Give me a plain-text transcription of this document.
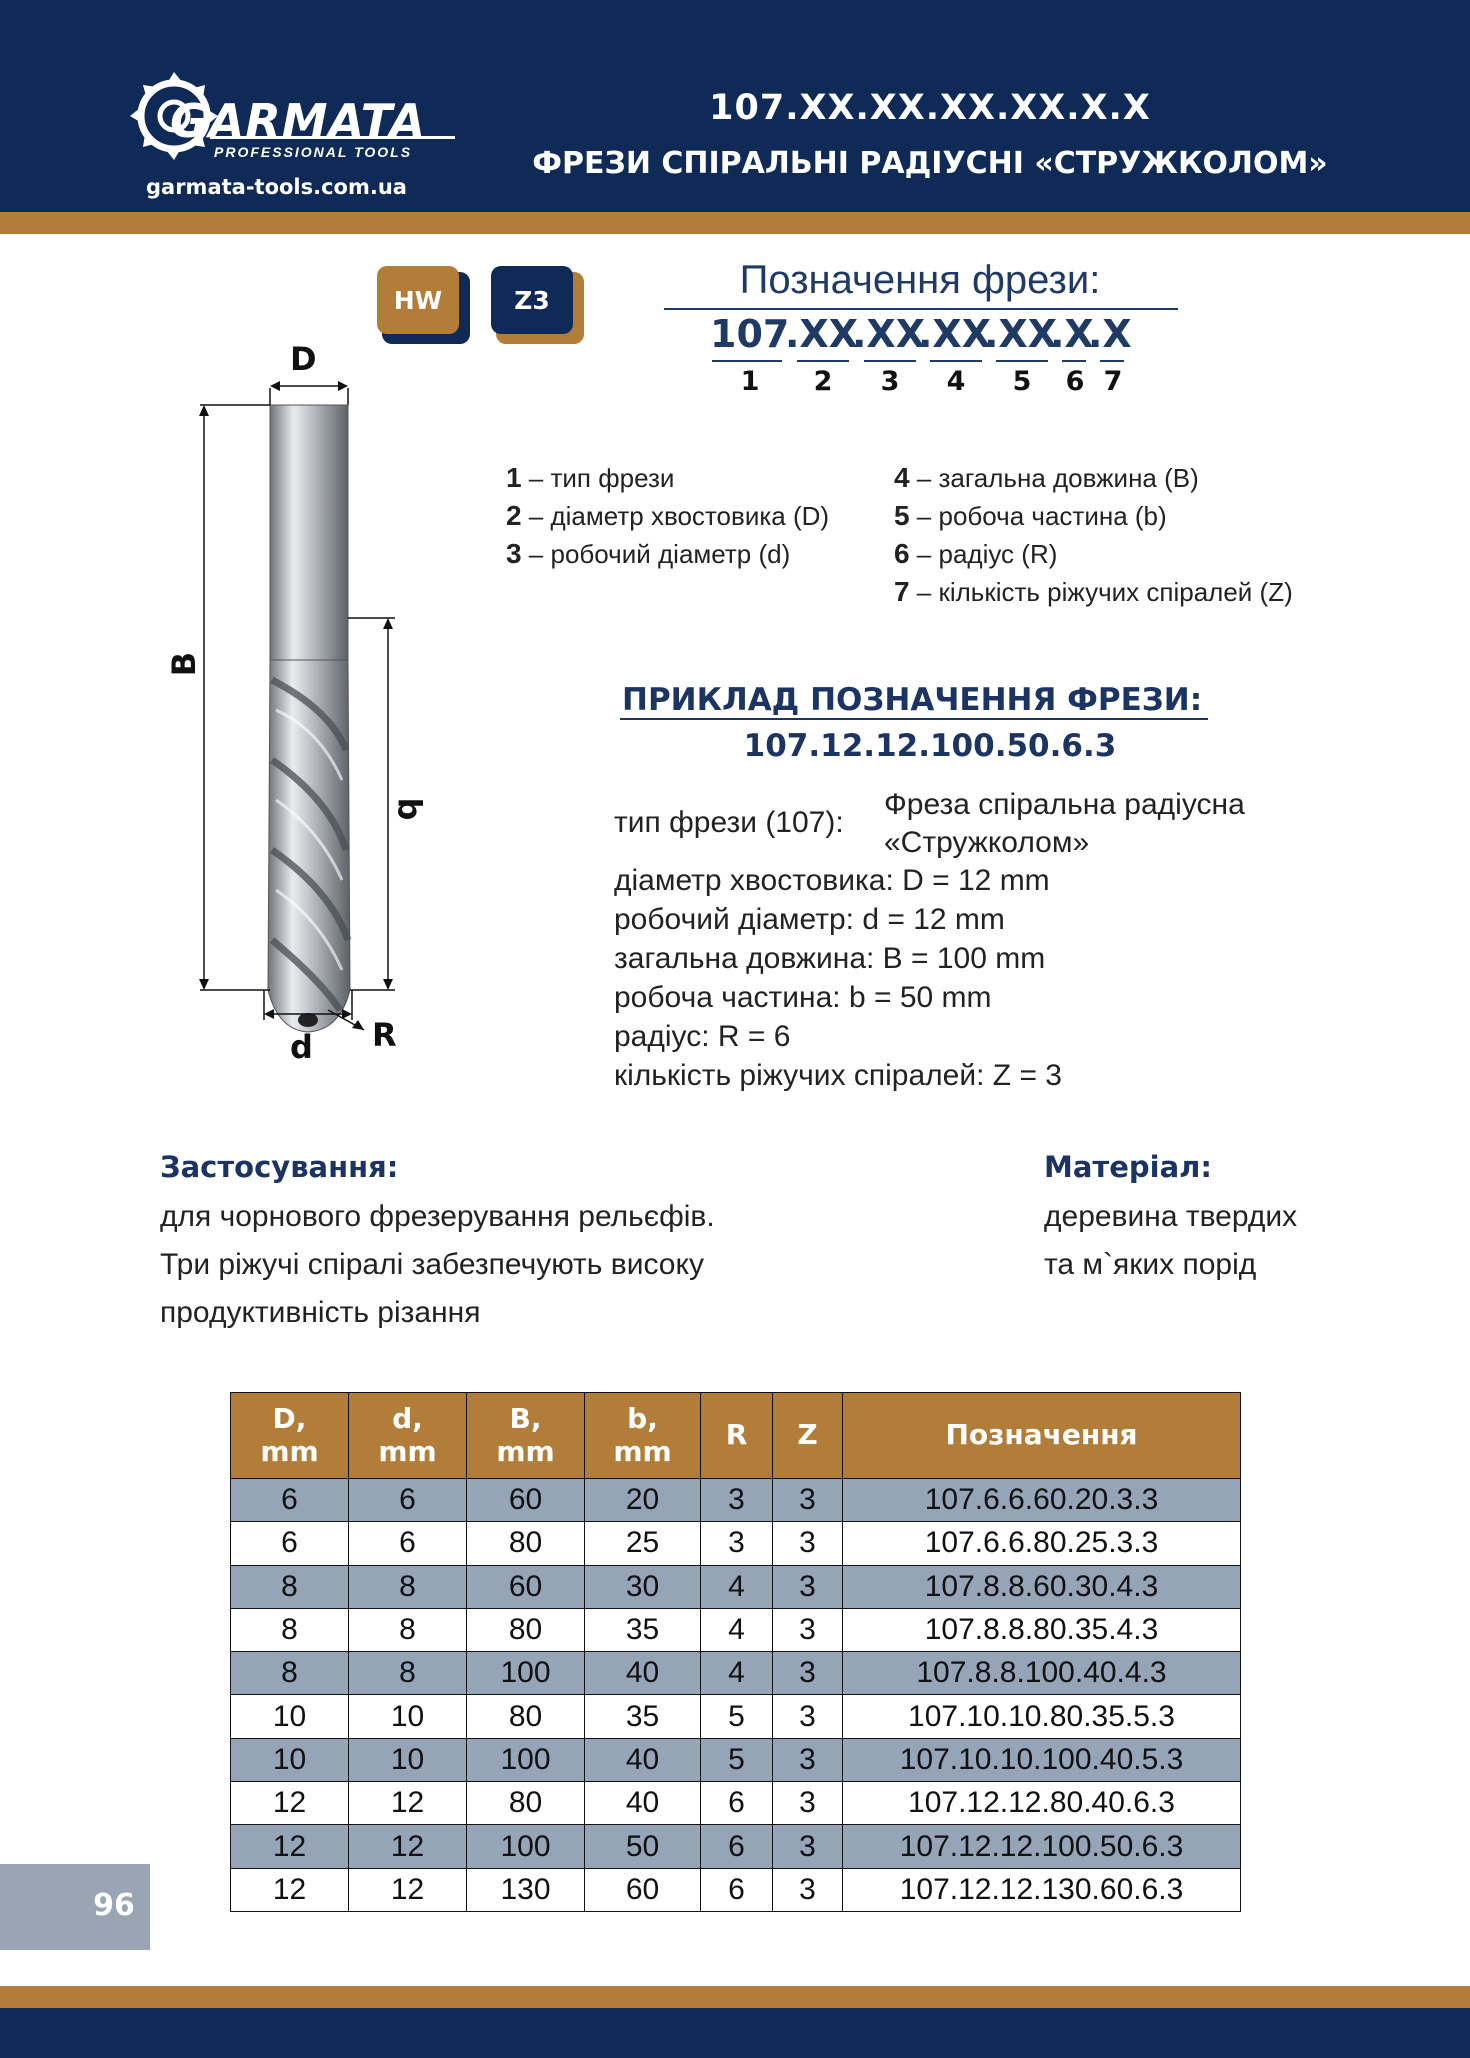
GARMATA
PROFESSIONAL TOOLS
garmata-tools.com.ua
107.XX.XX.XX.XX.X.X
ФРЕЗИ СПІРАЛЬНІ РАДІУСНІ «СТРУЖКОЛОМ»
HW	Z3	Позначення фрези:
107
.XX
.XX
.XX
.XX
.X
.X
1 2 3 4 5 6 7
1 – тип фрези
2 – діаметр хвостовика (D)
3 – робочий діаметр (d)
4 – загальна довжина (B)
5 – робоча частина (b)
6 – радіус (R)
7 – кількість ріжучих спіралей (Z)
D
B
b
d R
ПРИКЛАД ПОЗНАЧЕННЯ ФРЕЗИ:
107.12.12.100.50.6.3
тип фрези (107):
Фреза спіральна радіусна
«Стружколом»
діаметр хвостовика: D = 12 mm
робочий діаметр: d = 12 mm
загальна довжина: B = 100 mm
робоча частина: b = 50 mm
радіус: R = 6
кількість ріжучих спіралей: Z = 3
Застосування:
для чорнового фрезерування рельєфів.
Три ріжучі спіралі забезпечують високу
продуктивність різання
Матеріал:
деревина твердих
та м`яких порід
D,
mm	d,
mm	B,
mm	b,
mm	R	Z	Позначення
6	6	60	20	3	3	107.6.6.60.20.3.3
6	6	80	25	3	3	107.6.6.80.25.3.3
8	8	60	30	4	3	107.8.8.60.30.4.3
8	8	80	35	4	3	107.8.8.80.35.4.3
8	8	100	40	4	3	107.8.8.100.40.4.3
10	10	80	35	5	3	107.10.10.80.35.5.3
10	10	100	40	5	3	107.10.10.100.40.5.3
12	12	80	40	6	3	107.12.12.80.40.6.3
12	12	100	50	6	3	107.12.12.100.50.6.3
12	12	130	60	6	3	107.12.12.130.60.6.3
96
